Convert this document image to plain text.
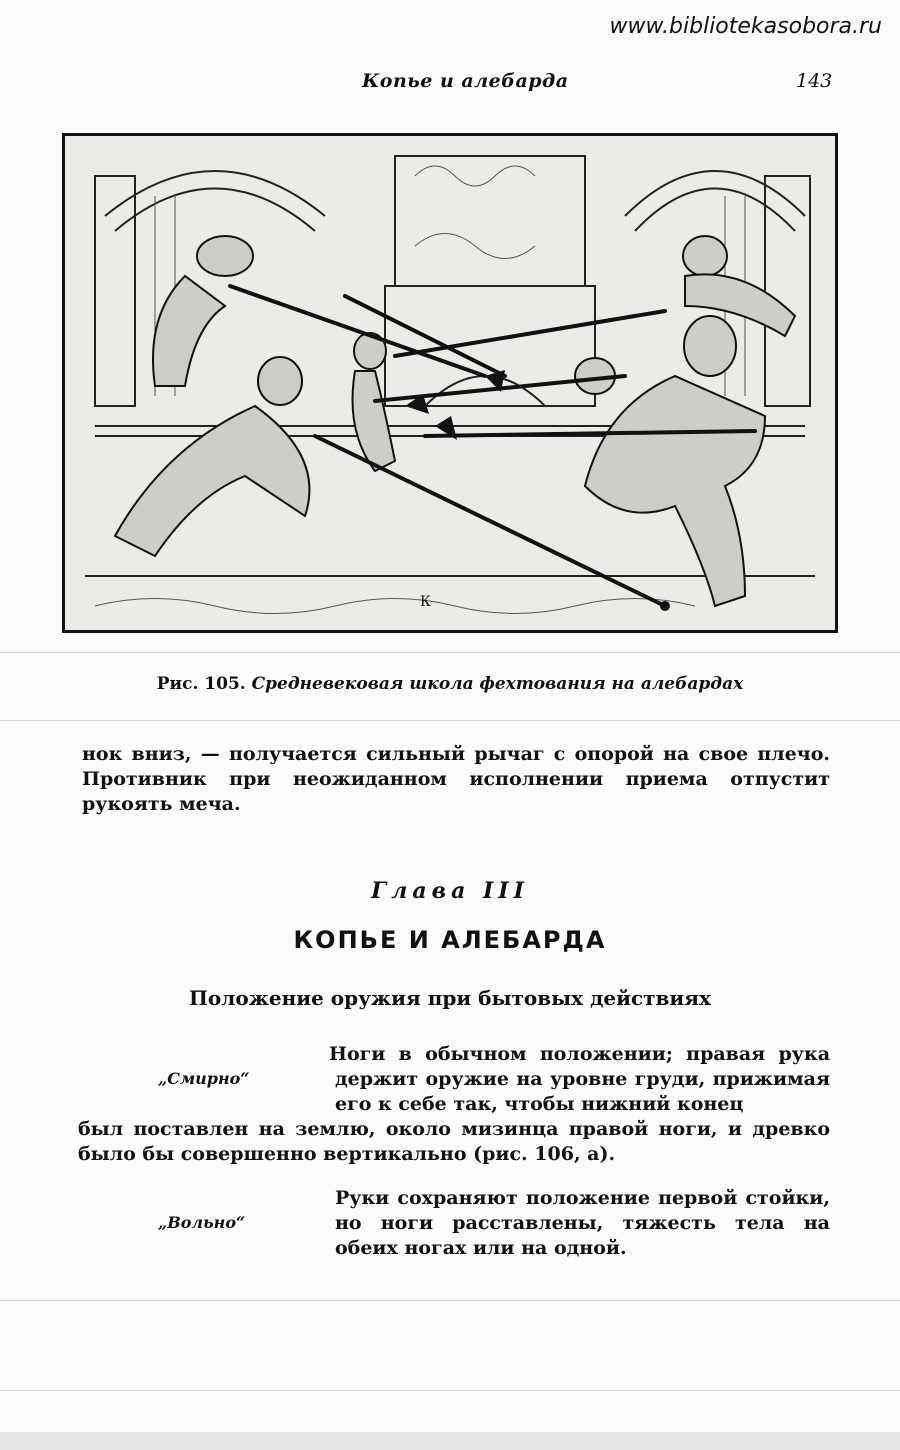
www.bibliotekasobora.ru
Копье и алебарда	143
К
Рис. 105. Средневековая школа фехтования на алебардах
нок вниз, — получается сильный рычаг с опорой на свое плечо. Противник при неожиданном исполнении приема отпустит рукоять меча.
Глава III
КОПЬЕ И АЛЕБАРДА
Положение оружия при бытовых действиях
„Смирно“
Ноги в обычном положении; правая рука держит оружие на уровне груди, прижимая его к себе так, чтобы нижний конец
был поставлен на землю, около мизинца правой ноги, и древко было бы совершенно вертикально (рис. 106, а).
„Вольно“
Руки сохраняют положение первой стойки, но ноги расставлены, тяжесть тела на обеих ногах или на одной.
